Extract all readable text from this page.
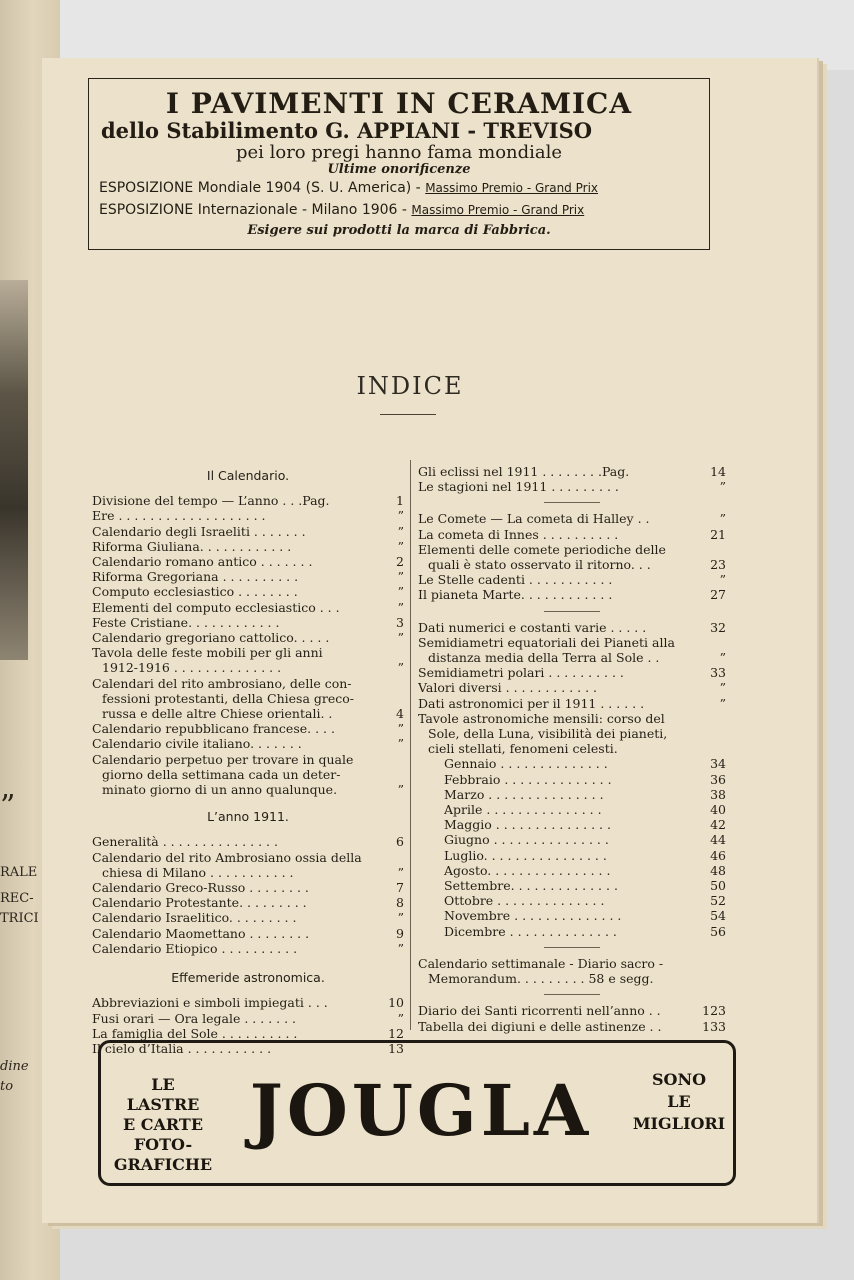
”
RALE
REC-
TRICI
dine
to
I PAVIMENTI IN CERAMICA
dello Stabilimento G. APPIANI - TREVISO
pei loro pregi hanno fama mondiale
Ultime onorificenze
ESPOSIZIONE Mondiale 1904 (S. U. America) - Massimo Premio - Grand Prix
ESPOSIZIONE Internazionale - Milano 1906 - Massimo Premio - Grand Prix
Esigere sui prodotti la marca di Fabbrica.
INDICE
Il Calendario.
Divisione del tempo — L’anno . . .Pag.	1
Ere . . . . . . . . . . . . . . . . . . .	”
Calendario degli Israeliti . . . . . . .	”
Riforma Giuliana. . . . . . . . . . . .	”
Calendario romano antico . . . . . . .	2
Riforma Gregoriana . . . . . . . . . .	”
Computo ecclesiastico . . . . . . . .	”
Elementi del computo ecclesiastico . . .	”
Feste Cristiane. . . . . . . . . . . .	3
Calendario gregoriano cattolico. . . . .	”
Tavola delle feste mobili per gli anni
1912-1916 . . . . . . . . . . . . . .	”
Calendari del rito ambrosiano, delle con-
fessioni protestanti, della Chiesa greco-
russa e delle altre Chiese orientali. .	4
Calendario repubblicano francese. . . .	”
Calendario civile italiano. . . . . . .	”
Calendario perpetuo per trovare in quale
giorno della settimana cada un deter-
minato giorno di un anno qualunque.	”
L’anno 1911.
Generalità . . . . . . . . . . . . . . .	6
Calendario del rito Ambrosiano ossia della
chiesa di Milano . . . . . . . . . . .	”
Calendario Greco-Russo . . . . . . . .	7
Calendario Protestante. . . . . . . . .	8
Calendario Israelitico. . . . . . . . .	”
Calendario Maomettano . . . . . . . .	9
Calendario Etiopico . . . . . . . . . .	”
Effemeride astronomica.
Abbreviazioni e simboli impiegati . . .	10
Fusi orari — Ora legale . . . . . . .	”
La famiglia del Sole . . . . . . . . . .	12
Il cielo d’Italia . . . . . . . . . . .	13
Gli eclissi nel 1911 . . . . . . . .Pag.	14
Le stagioni nel 1911 . . . . . . . . .	”
Le Comete — La cometa di Halley . .	”
La cometa di Innes . . . . . . . . . .	21
Elementi delle comete periodiche delle
quali è stato osservato il ritorno. . .	23
Le Stelle cadenti . . . . . . . . . . .	”
Il pianeta Marte. . . . . . . . . . . .	27
Dati numerici e costanti varie . . . . .	32
Semidiametri equatoriali dei Pianeti alla
distanza media della Terra al Sole . .	”
Semidiametri polari . . . . . . . . . .	33
Valori diversi . . . . . . . . . . . .	”
Dati astronomici per il 1911 . . . . . .	”
Tavole astronomiche mensili: corso del
Sole, della Luna, visibilità dei pianeti,
cieli stellati, fenomeni celesti.
Gennaio . . . . . . . . . . . . . .	34
Febbraio . . . . . . . . . . . . . .	36
Marzo . . . . . . . . . . . . . . .	38
Aprile . . . . . . . . . . . . . . .	40
Maggio . . . . . . . . . . . . . . .	42
Giugno . . . . . . . . . . . . . . .	44
Luglio. . . . . . . . . . . . . . . .	46
Agosto. . . . . . . . . . . . . . . .	48
Settembre. . . . . . . . . . . . . .	50
Ottobre . . . . . . . . . . . . . .	52
Novembre . . . . . . . . . . . . . .	54
Dicembre . . . . . . . . . . . . . .	56
Calendario settimanale - Diario sacro -
Memorandum. . . . . . . . . 58 e segg.
Diario dei Santi ricorrenti nell’anno . .	123
Tabella dei digiuni e delle astinenze . .	133
LE LASTRE
E CARTE
FOTO-
GRAFICHE
JOUGLA	SONO
LE
MIGLIORI
